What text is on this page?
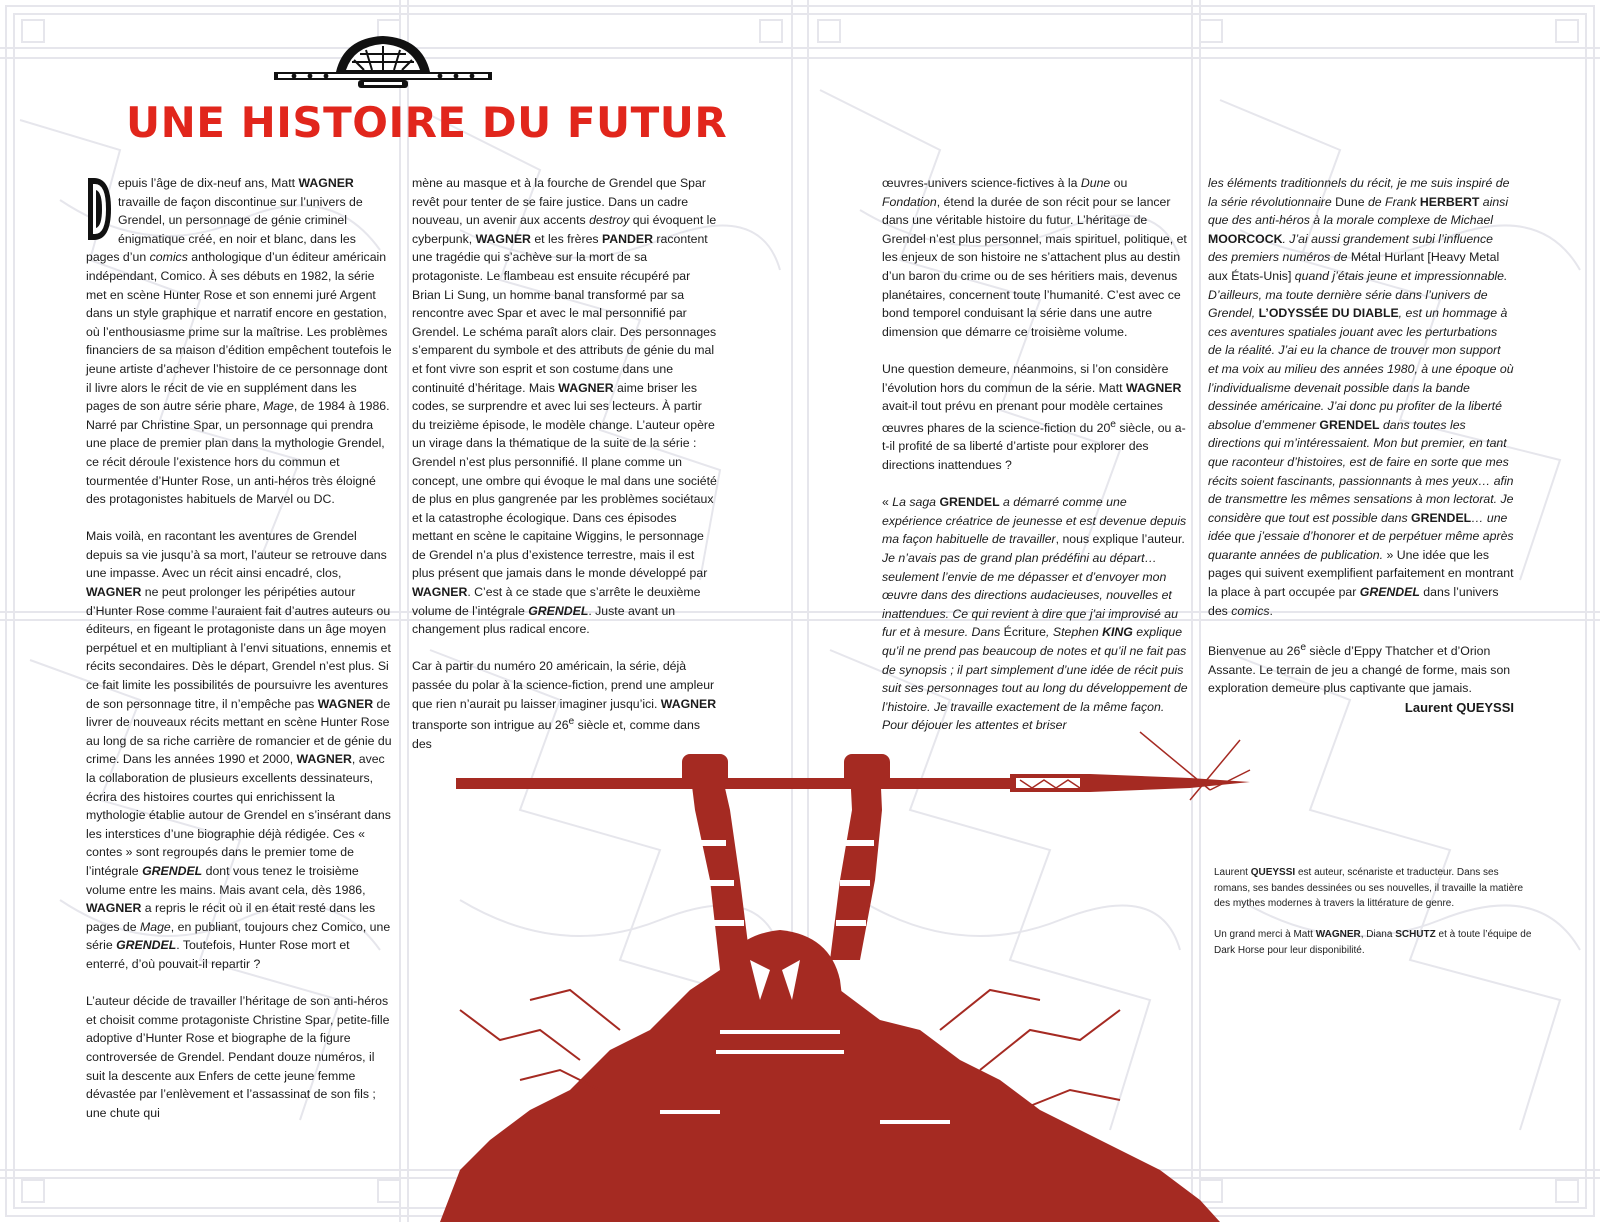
UNE HISTOIRE DU FUTUR

epuis l’âge de dix-neuf ans, Matt WAGNER travaille de façon discontinue sur l’univers de Grendel, un personnage de génie criminel énigmatique créé, en noir et blanc, dans les pages d’un comics anthologique d’un éditeur américain indépendant, Comico. À ses débuts en 1982, la série met en scène Hunter Rose et son ennemi juré Argent dans un style graphique et narratif encore en gestation, où l’enthousiasme prime sur la maîtrise. Les problèmes financiers de sa maison d’édition empêchent toutefois le jeune artiste d’achever l’histoire de ce personnage dont il livre alors le récit de vie en supplément dans les pages de son autre série phare, Mage, de 1984 à 1986. Narré par Christine Spar, un personnage qui prendra une place de premier plan dans la mythologie Grendel, ce récit déroule l’existence hors du commun et tourmentée d’Hunter Rose, un anti-héros très éloigné des protagonistes habituels de Marvel ou DC.

Mais voilà, en racontant les aventures de Grendel depuis sa vie jusqu’à sa mort, l’auteur se retrouve dans une impasse. Avec un récit ainsi encadré, clos, WAGNER ne peut prolonger les péripéties autour d’Hunter Rose comme l’auraient fait d’autres auteurs ou éditeurs, en figeant le protagoniste dans un âge moyen perpétuel et en multipliant à l’envi situations, ennemis et récits secondaires. Dès le départ, Grendel n’est plus. Si ce fait limite les possibilités de poursuivre les aventures de son personnage titre, il n’empêche pas WAGNER de livrer de nouveaux récits mettant en scène Hunter Rose au long de sa riche carrière de romancier et de génie du crime. Dans les années 1990 et 2000, WAGNER, avec la collaboration de plusieurs excellents dessinateurs, écrira des histoires courtes qui enrichissent la mythologie établie autour de Grendel en s’insérant dans les interstices d’une biographie déjà rédigée. Ces « contes » sont regroupés dans le premier tome de l’intégrale GRENDEL dont vous tenez le troisième volume entre les mains. Mais avant cela, dès 1986, WAGNER a repris le récit où il en était resté dans les pages de Mage, en publiant, toujours chez Comico, une série GRENDEL. Toutefois, Hunter Rose mort et enterré, d’où pouvait-il repartir ?

L’auteur décide de travailler l’héritage de son anti-héros et choisit comme protagoniste Christine Spar, petite-fille adoptive d’Hunter Rose et biographe de la figure controversée de Grendel. Pendant douze numéros, il suit la descente aux Enfers de cette jeune femme dévastée par l’enlèvement et l’assassinat de son fils ; une chute qui

mène au masque et à la fourche de Grendel que Spar revêt pour tenter de se faire justice. Dans un cadre nouveau, un avenir aux accents destroy qui évoquent le cyberpunk, WAGNER et les frères PANDER racontent une tragédie qui s’achève sur la mort de sa protagoniste. Le flambeau est ensuite récupéré par Brian Li Sung, un homme banal transformé par sa rencontre avec Spar et avec le mal personnifié par Grendel. Le schéma paraît alors clair. Des personnages s’emparent du symbole et des attributs de génie du mal et font vivre son esprit et son costume dans une continuité d’héritage. Mais WAGNER aime briser les codes, se surprendre et avec lui ses lecteurs. À partir du treizième épisode, le modèle change. L’auteur opère un virage dans la thématique de la suite de la série : Grendel n’est plus personnifié. Il plane comme un concept, une ombre qui évoque le mal dans une société de plus en plus gangrenée par les problèmes sociétaux et la catastrophe écologique. Dans ces épisodes mettant en scène le capitaine Wiggins, le personnage de Grendel n’a plus d’existence terrestre, mais il est plus présent que jamais dans le monde développé par WAGNER. C’est à ce stade que s’arrête le deuxième volume de l’intégrale GRENDEL. Juste avant un changement plus radical encore.

Car à partir du numéro 20 américain, la série, déjà passée du polar à la science-fiction, prend une ampleur que rien n’aurait pu laisser imaginer jusqu’ici. WAGNER transporte son intrigue au 26e siècle et, comme dans des

œuvres-univers science-fictives à la Dune ou Fondation, étend la durée de son récit pour se lancer dans une véritable histoire du futur. L’héritage de Grendel n’est plus personnel, mais spirituel, politique, et les enjeux de son histoire ne s’attachent plus au destin d’un baron du crime ou de ses héritiers mais, devenus planétaires, concernent toute l’humanité. C’est avec ce bond temporel conduisant la série dans une autre dimension que démarre ce troisième volume.

Une question demeure, néanmoins, si l’on considère l’évolution hors du commun de la série. Matt WAGNER avait-il tout prévu en prenant pour modèle certaines œuvres phares de la science-fiction du 20e siècle, ou a-t-il profité de sa liberté d’artiste pour explorer des directions inattendues ?

« La saga GRENDEL a démarré comme une expérience créatrice de jeunesse et est devenue depuis ma façon habituelle de travailler, nous explique l’auteur. Je n’avais pas de grand plan prédéfini au départ… seulement l’envie de me dépasser et d’envoyer mon œuvre dans des directions audacieuses, nouvelles et inattendues. Ce qui revient à dire que j’ai improvisé au fur et à mesure. Dans Écriture, Stephen KING explique qu’il ne prend pas beaucoup de notes et qu’il ne fait pas de synopsis ; il part simplement d’une idée de récit puis suit ses personnages tout au long du développement de l’histoire. Je travaille exactement de la même façon. Pour déjouer les attentes et briser

les éléments traditionnels du récit, je me suis inspiré de la série révolutionnaire Dune de Frank HERBERT ainsi que des anti-héros à la morale complexe de Michael MOORCOCK. J’ai aussi grandement subi l’influence des premiers numéros de Métal Hurlant [Heavy Metal aux États-Unis] quand j’étais jeune et impressionnable. D’ailleurs, ma toute dernière série dans l’univers de Grendel, L’ODYSSÉE DU DIABLE, est un hommage à ces aventures spatiales jouant avec les perturbations de la réalité. J’ai eu la chance de trouver mon support et ma voix au milieu des années 1980, à une époque où l’individualisme devenait possible dans la bande dessinée américaine. J’ai donc pu profiter de la liberté absolue d’emmener GRENDEL dans toutes les directions qui m’intéressaient. Mon but premier, en tant que raconteur d’histoires, est de faire en sorte que mes récits soient fascinants, passionnants à mes yeux… afin de transmettre les mêmes sensations à mon lectorat. Je considère que tout est possible dans GRENDEL… une idée que j’essaie d’honorer et de perpétuer même après quarante années de publication. » Une idée que les pages qui suivent exemplifient parfaitement en montrant la place à part occupée par GRENDEL dans l’univers des comics.

Bienvenue au 26e siècle d’Eppy Thatcher et d’Orion Assante. Le terrain de jeu a changé de forme, mais son exploration demeure plus captivante que jamais.

Laurent QUEYSSI

Laurent QUEYSSI est auteur, scénariste et traducteur. Dans ses romans, ses bandes dessinées ou ses nouvelles, il travaille la matière des mythes modernes à travers la littérature de genre.

Un grand merci à Matt WAGNER, Diana SCHUTZ et à toute l’équipe de Dark Horse pour leur disponibilité.
